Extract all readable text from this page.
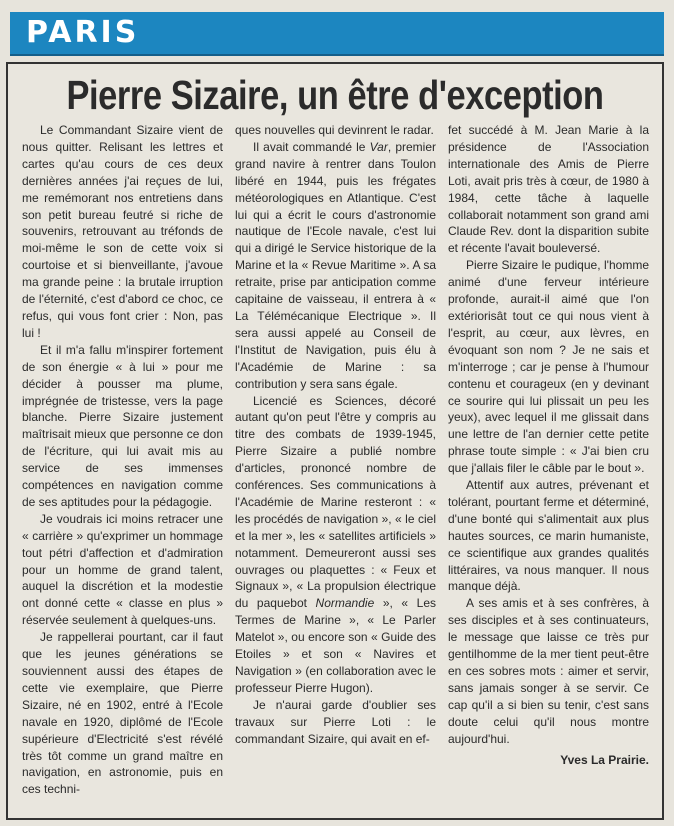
PARIS
Pierre Sizaire, un être d'exception

Le Commandant Sizaire vient de nous quitter. Relisant les lettres et cartes qu'au cours de ces deux dernières années j'ai reçues de lui, me remémorant nos entretiens dans son petit bureau feutré si riche de souvenirs, retrouvant au tréfonds de moi-même le son de cette voix si courtoise et si bienveillante, j'avoue ma grande peine : la brutale irruption de l'éternité, c'est d'abord ce choc, ce refus, qui vous font crier : Non, pas lui !

Et il m'a fallu m'inspirer fortement de son énergie « à lui » pour me décider à pousser ma plume, imprégnée de tristesse, vers la page blanche. Pierre Sizaire justement maîtrisait mieux que personne ce don de l'écriture, qui lui avait mis au service de ses immenses compétences en navigation comme de ses aptitudes pour la pédagogie.

Je voudrais ici moins retracer une « carrière » qu'exprimer un hommage tout pétri d'affection et d'admiration pour un homme de grand talent, auquel la discrétion et la modestie ont donné cette « classe en plus » réservée seulement à quelques-uns.

Je rappellerai pourtant, car il faut que les jeunes générations se souviennent aussi des étapes de cette vie exemplaire, que Pierre Sizaire, né en 1902, entré à l'Ecole navale en 1920, diplômé de l'Ecole supérieure d'Electricité s'est révélé très tôt comme un grand maître en navigation, en astronomie, puis en ces techni-

ques nouvelles qui devinrent le radar.

Il avait commandé le Var, premier grand navire à rentrer dans Toulon libéré en 1944, puis les frégates météorologiques en Atlantique. C'est lui qui a écrit le cours d'astronomie nautique de l'Ecole navale, c'est lui qui a dirigé le Service historique de la Marine et la « Revue Maritime ». A sa retraite, prise par anticipation comme capitaine de vaisseau, il entrera à « La Télémécanique Electrique ». Il sera aussi appelé au Conseil de l'Institut de Navigation, puis élu à l'Académie de Marine : sa contribution y sera sans égale.

Licencié es Sciences, décoré autant qu'on peut l'être y compris au titre des combats de 1939-1945, Pierre Sizaire a publié nombre d'articles, prononcé nombre de conférences. Ses communications à l'Académie de Marine resteront : « les procédés de navigation », « le ciel et la mer », les « satellites artificiels » notamment. Demeureront aussi ses ouvrages ou plaquettes : « Feux et Signaux », « La propulsion électrique du paquebot Normandie », « Les Termes de Marine », « Le Parler Matelot », ou encore son « Guide des Etoiles » et son « Navires et Navigation » (en collaboration avec le professeur Pierre Hugon).

Je n'aurai garde d'oublier ses travaux sur Pierre Loti : le commandant Sizaire, qui avait en ef-

fet succédé à M. Jean Marie à la présidence de l'Association internationale des Amis de Pierre Loti, avait pris très à cœur, de 1980 à 1984, cette tâche à laquelle collaborait notamment son grand ami Claude Rev. dont la disparition subite et récente l'avait bouleversé.

Pierre Sizaire le pudique, l'homme animé d'une ferveur intérieure profonde, aurait-il aimé que l'on extériorisât tout ce qui nous vient à l'esprit, au cœur, aux lèvres, en évoquant son nom ? Je ne sais et m'interroge ; car je pense à l'humour contenu et courageux (en y devinant ce sourire qui lui plissait un peu les yeux), avec lequel il me glissait dans une lettre de l'an dernier cette petite phrase toute simple : « J'ai bien cru que j'allais filer le câble par le bout ».

Attentif aux autres, prévenant et tolérant, pourtant ferme et déterminé, d'une bonté qui s'alimentait aux plus hautes sources, ce marin humaniste, ce scientifique aux grandes qualités littéraires, va nous manquer. Il nous manque déjà.

A ses amis et à ses confrères, à ses disciples et à ses continuateurs, le message que laisse ce très pur gentilhomme de la mer tient peut-être en ces sobres mots : aimer et servir, sans jamais songer à se servir. Ce cap qu'il a si bien su tenir, c'est sans doute celui qu'il nous montre aujourd'hui.

Yves La Prairie.
